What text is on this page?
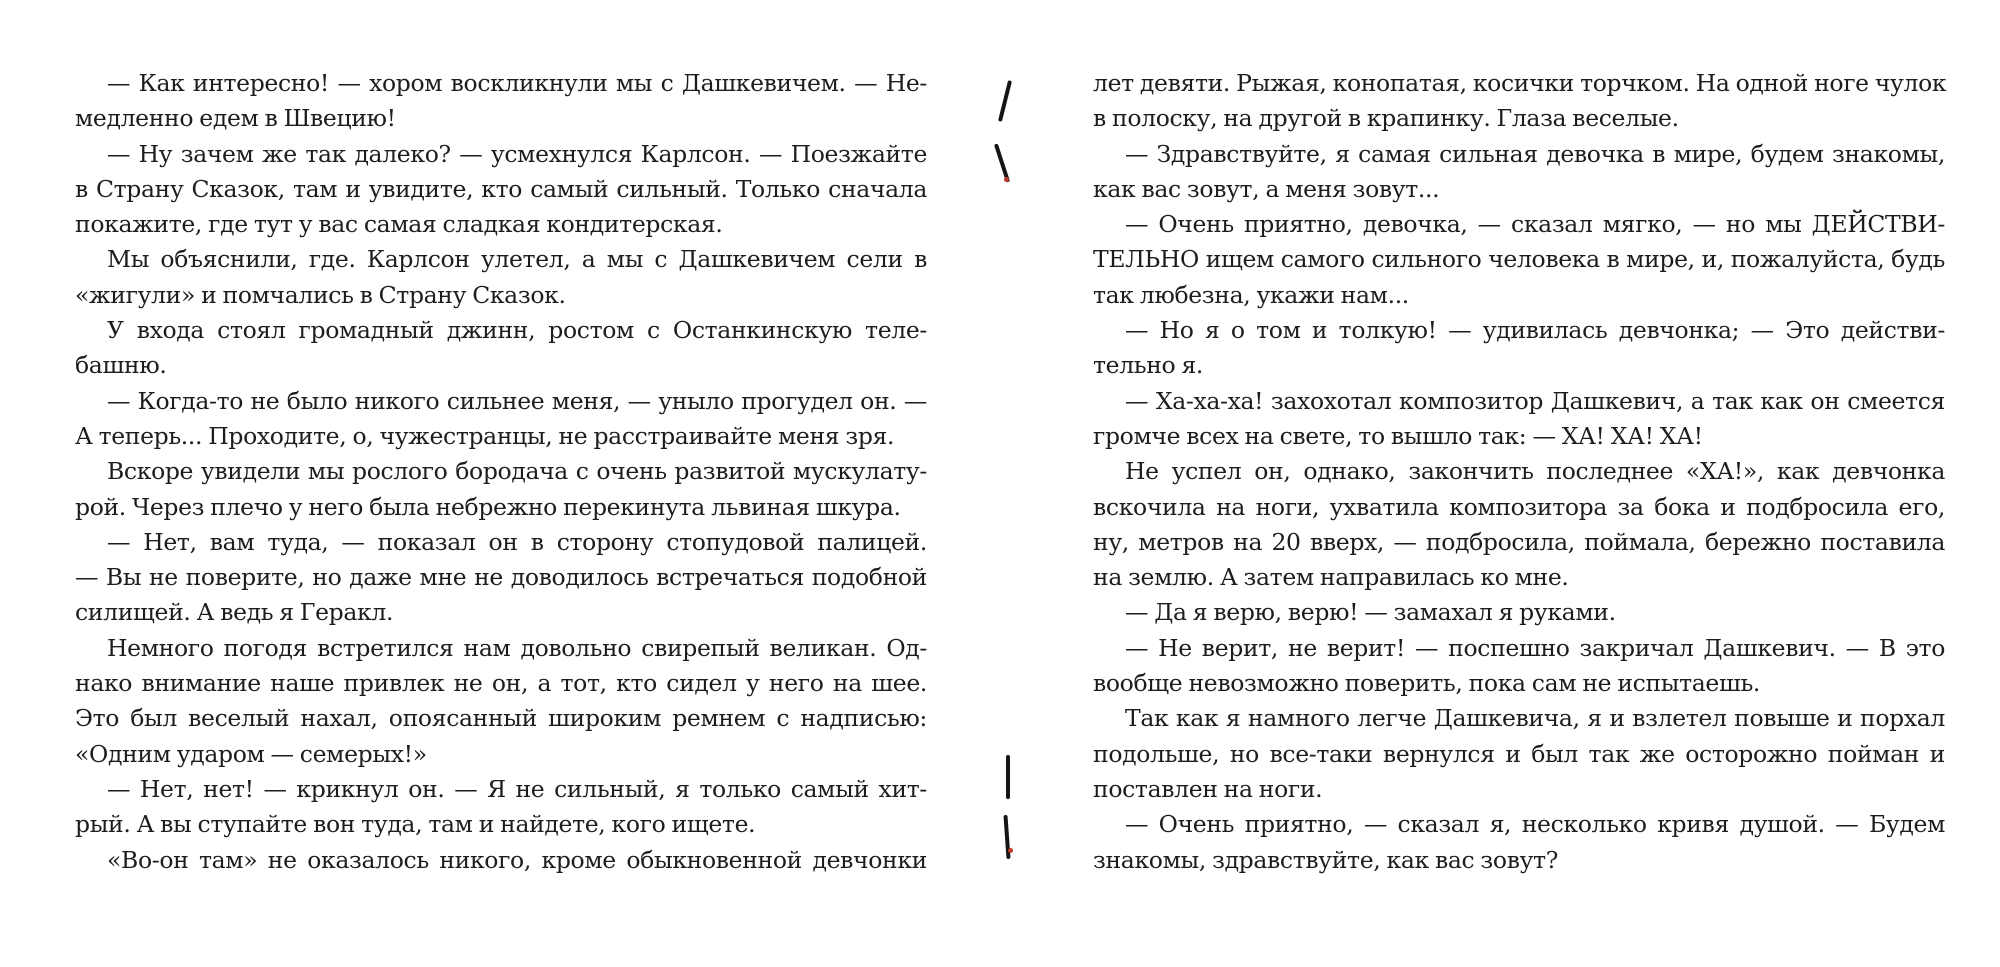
— Как интересно! — хором воскликнули мы с Дашкевичем. — Не-
медленно едем в Швецию!
— Ну зачем же так далеко? — усмехнулся Карлсон. — Поезжайте
в Страну Сказок, там и увидите, кто самый сильный. Только сначала
покажите, где тут у вас самая сладкая кондитерская.
Мы объяснили, где. Карлсон улетел, а мы с Дашкевичем сели в
«жигули» и помчались в Страну Сказок.
У входа стоял громадный джинн, ростом с Останкинскую теле-
башню.
— Когда-то не было никого сильнее меня, — уныло прогудел он. —
А теперь... Проходите, о, чужестранцы, не расстраивайте меня зря.
Вскоре увидели мы рослого бородача с очень развитой мускулату-
рой. Через плечо у него была небрежно перекинута львиная шкура.
— Нет, вам туда, — показал он в сторону стопудовой палицей.
— Вы не поверите, но даже мне не доводилось встречаться подобной
силищей. А ведь я Геракл.
Немного погодя встретился нам довольно свирепый великан. Од-
нако внимание наше привлек не он, а тот, кто сидел у него на шее.
Это был веселый нахал, опоясанный широким ремнем с надписью:
«Одним ударом — семерых!»
— Нет, нет! — крикнул он. — Я не сильный, я только самый хит-
рый. А вы ступайте вон туда, там и найдете, кого ищете.
«Во-он там» не оказалось никого, кроме обыкновенной девчонки
лет девяти. Рыжая, конопатая, косички торчком. На одной ноге чулок
в полоску, на другой в крапинку. Глаза веселые.
— Здравствуйте, я самая сильная девочка в мире, будем знакомы,
как вас зовут, а меня зовут...
— Очень приятно, девочка, — сказал мягко, — но мы ДЕЙСТВИ-
ТЕЛЬНО ищем самого сильного человека в мире, и, пожалуйста, будь
так любезна, укажи нам...
— Но я о том и толкую! — удивилась девчонка; — Это действи-
тельно я.
— Ха-ха-ха! захохотал композитор Дашкевич, а так как он смеется
громче всех на свете, то вышло так: — ХА! ХА! ХА!
Не успел он, однако, закончить последнее «ХА!», как девчонка
вскочила на ноги, ухватила композитора за бока и подбросила его,
ну, метров на 20 вверх, — подбросила, поймала, бережно поставила
на землю. А затем направилась ко мне.
— Да я верю, верю! — замахал я руками.
— Не верит, не верит! — поспешно закричал Дашкевич. — В это
вообще невозможно поверить, пока сам не испытаешь.
Так как я намного легче Дашкевича, я и взлетел повыше и порхал
подольше, но все-таки вернулся и был так же осторожно пойман и
поставлен на ноги.
— Очень приятно, — сказал я, несколько кривя душой. — Будем
знакомы, здравствуйте, как вас зовут?
